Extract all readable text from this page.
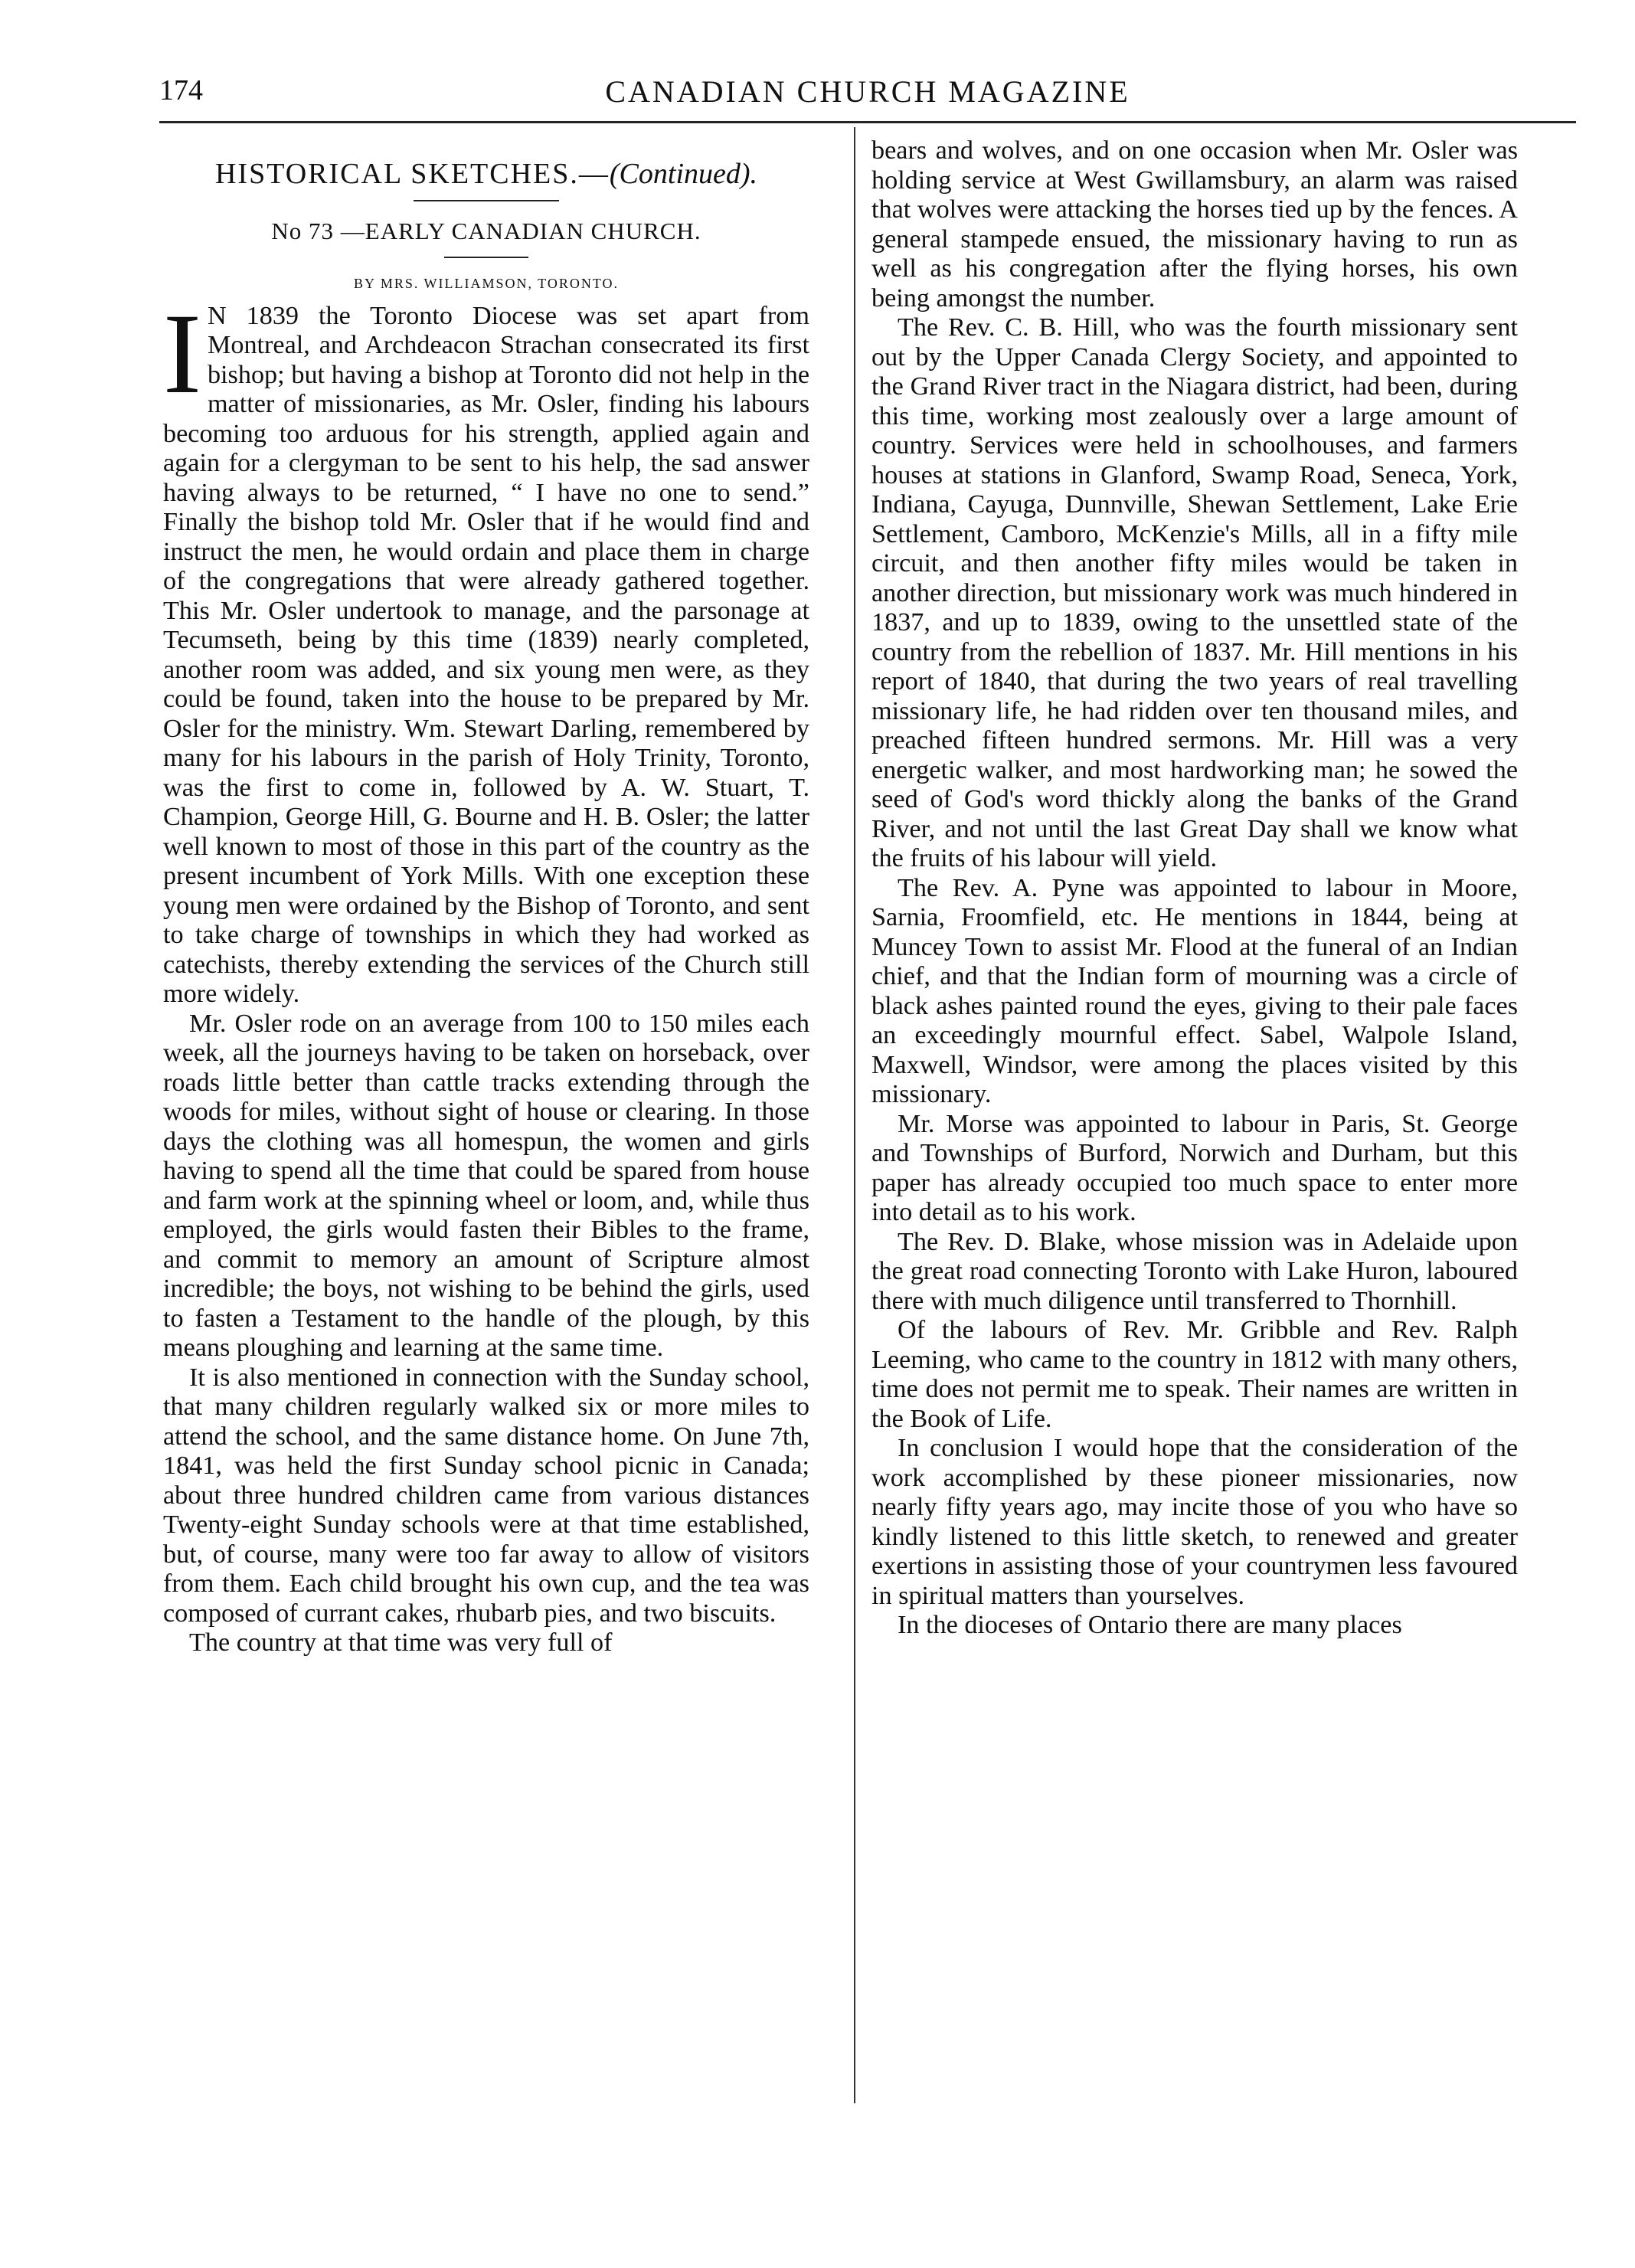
174	CANADIAN CHURCH MAGAZINE
HISTORICAL SKETCHES.—(Continued).
No 73 —EARLY CANADIAN CHURCH.
BY MRS. WILLIAMSON, TORONTO.

I N 1839 the Toronto Diocese was set apart from Montreal, and Archdeacon Strachan consecrated its first bishop; but having a bishop at Toronto did not help in the matter of missionaries, as Mr. Osler, finding his labours becoming too arduous for his strength, applied again and again for a clergyman to be sent to his help, the sad answer having always to be returned, “ I have no one to send.” Finally the bishop told Mr. Osler that if he would find and instruct the men, he would ordain and place them in charge of the congregations that were already gathered together. This Mr. Osler undertook to manage, and the parsonage at Tecumseth, being by this time (1839) nearly completed, another room was added, and six young men were, as they could be found, taken into the house to be prepared by Mr. Osler for the ministry. Wm. Stewart Darling, remembered by many for his labours in the parish of Holy Trinity, Toronto, was the first to come in, followed by A. W. Stuart, T. Champion, George Hill, G. Bourne and H. B. Osler; the latter well known to most of those in this part of the country as the present incumbent of York Mills. With one exception these young men were ordained by the Bishop of Toronto, and sent to take charge of townships in which they had worked as catechists, thereby extending the services of the Church still more widely.

Mr. Osler rode on an average from 100 to 150 miles each week, all the journeys having to be taken on horseback, over roads little better than cattle tracks extending through the woods for miles, without sight of house or clearing. In those days the clothing was all homespun, the women and girls having to spend all the time that could be spared from house and farm work at the spinning wheel or loom, and, while thus employed, the girls would fasten their Bibles to the frame, and commit to memory an amount of Scripture almost incredible; the boys, not wishing to be behind the girls, used to fasten a Testament to the handle of the plough, by this means ploughing and learning at the same time.

It is also mentioned in connection with the Sunday school, that many children regularly walked six or more miles to attend the school, and the same distance home. On June 7th, 1841, was held the first Sunday school picnic in Canada; about three hundred children came from various distances Twenty-eight Sunday schools were at that time established, but, of course, many were too far away to allow of visitors from them. Each child brought his own cup, and the tea was composed of currant cakes, rhubarb pies, and two biscuits.

The country at that time was very full of

bears and wolves, and on one occasion when Mr. Osler was holding service at West Gwillamsbury, an alarm was raised that wolves were attacking the horses tied up by the fences. A general stampede ensued, the missionary having to run as well as his congregation after the flying horses, his own being amongst the number.

The Rev. C. B. Hill, who was the fourth missionary sent out by the Upper Canada Clergy Society, and appointed to the Grand River tract in the Niagara district, had been, during this time, working most zealously over a large amount of country. Services were held in schoolhouses, and farmers houses at stations in Glanford, Swamp Road, Seneca, York, Indiana, Cayuga, Dunnville, Shewan Settlement, Lake Erie Settlement, Camboro, McKenzie's Mills, all in a fifty mile circuit, and then another fifty miles would be taken in another direction, but missionary work was much hindered in 1837, and up to 1839, owing to the unsettled state of the country from the rebellion of 1837. Mr. Hill mentions in his report of 1840, that during the two years of real travelling missionary life, he had ridden over ten thousand miles, and preached fifteen hundred sermons. Mr. Hill was a very energetic walker, and most hardworking man; he sowed the seed of God's word thickly along the banks of the Grand River, and not until the last Great Day shall we know what the fruits of his labour will yield.

The Rev. A. Pyne was appointed to labour in Moore, Sarnia, Froomfield, etc. He mentions in 1844, being at Muncey Town to assist Mr. Flood at the funeral of an Indian chief, and that the Indian form of mourning was a circle of black ashes painted round the eyes, giving to their pale faces an exceedingly mournful effect. Sabel, Walpole Island, Maxwell, Windsor, were among the places visited by this missionary.

Mr. Morse was appointed to labour in Paris, St. George and Townships of Burford, Norwich and Durham, but this paper has already occupied too much space to enter more into detail as to his work.

The Rev. D. Blake, whose mission was in Adelaide upon the great road connecting Toronto with Lake Huron, laboured there with much diligence until transferred to Thornhill.

Of the labours of Rev. Mr. Gribble and Rev. Ralph Leeming, who came to the country in 1812 with many others, time does not permit me to speak. Their names are written in the Book of Life.

In conclusion I would hope that the consideration of the work accomplished by these pioneer missionaries, now nearly fifty years ago, may incite those of you who have so kindly listened to this little sketch, to renewed and greater exertions in assisting those of your countrymen less favoured in spiritual matters than yourselves.

In the dioceses of Ontario there are many places
